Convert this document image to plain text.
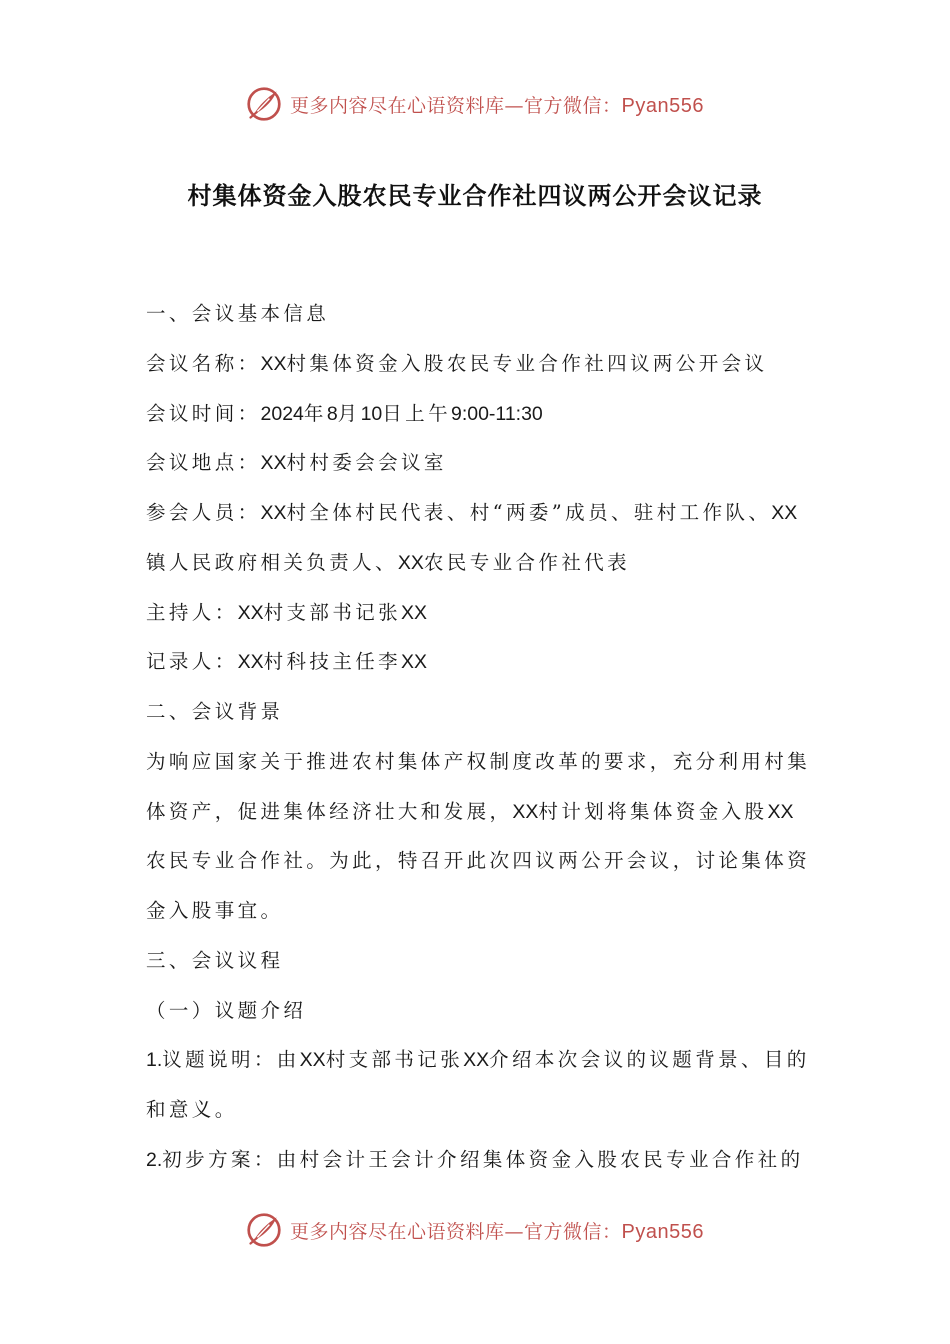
更多内容尽在心语资料库—官方微信：Pyan556
村集体资金入股农民专业合作社四议两公开会议记录
一、会议基本信息
会议名称：XX村集体资金入股农民专业合作社四议两公开会议
会议时间：2024年8月10日上午9:00-11:30
会议地点：XX村村委会会议室
参会人员：XX村全体村民代表、村“两委”成员、驻村工作队、XX
镇人民政府相关负责人、XX农民专业合作社代表
主持人：XX村支部书记张XX
记录人：XX村科技主任李XX
二、会议背景
为响应国家关于推进农村集体产权制度改革的要求，充分利用村集
体资产，促进集体经济壮大和发展，XX村计划将集体资金入股XX
农民专业合作社。为此，特召开此次四议两公开会议，讨论集体资
金入股事宜。
三、会议议程
（一）议题介绍
1.议题说明：由XX村支部书记张XX介绍本次会议的议题背景、目的
和意义。
2.初步方案：由村会计王会计介绍集体资金入股农民专业合作社的
更多内容尽在心语资料库—官方微信：Pyan556
